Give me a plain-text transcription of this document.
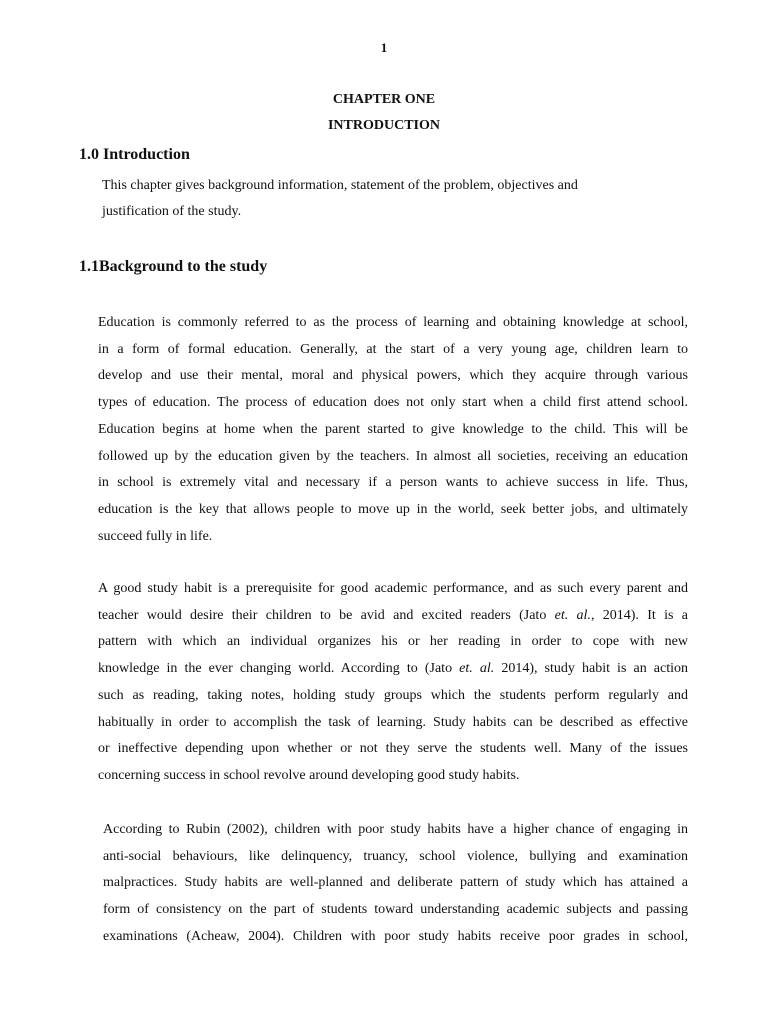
1
CHAPTER ONE
INTRODUCTION
1.0 Introduction
This chapter gives background information, statement of the problem, objectives and
justification of the study.
1.1Background to the study
Education is commonly referred to as the process of learning and obtaining knowledge at school,
in a form of formal education. Generally, at the start of a very young age, children learn to
develop and use their mental, moral and physical powers, which they acquire through various
types of education. The process of education does not only start when a child first attend school.
Education begins at home when the parent started to give knowledge to the child. This will be
followed up by the education given by the teachers. In almost all societies, receiving an education
in school is extremely vital and necessary if a person wants to achieve success in life. Thus,
education is the key that allows people to move up in the world, seek better jobs, and ultimately
succeed fully in life.
A good study habit is a prerequisite for good academic performance, and as such every parent and
teacher would desire their children to be avid and excited readers (Jato et. al., 2014). It is a
pattern with which an individual organizes his or her reading in order to cope with new
knowledge in the ever changing world. According to (Jato et. al. 2014), study habit is an action
such as reading, taking notes, holding study groups which the students perform regularly and
habitually in order to accomplish the task of learning. Study habits can be described as effective
or ineffective depending upon whether or not they serve the students well. Many of the issues
concerning success in school revolve around developing good study habits.
According to Rubin (2002), children with poor study habits have a higher chance of engaging in
anti-social behaviours, like delinquency, truancy, school violence, bullying and examination
malpractices. Study habits are well-planned and deliberate pattern of study which has attained a
form of consistency on the part of students toward understanding academic subjects and passing
examinations (Acheaw, 2004). Children with poor study habits receive poor grades in school,
